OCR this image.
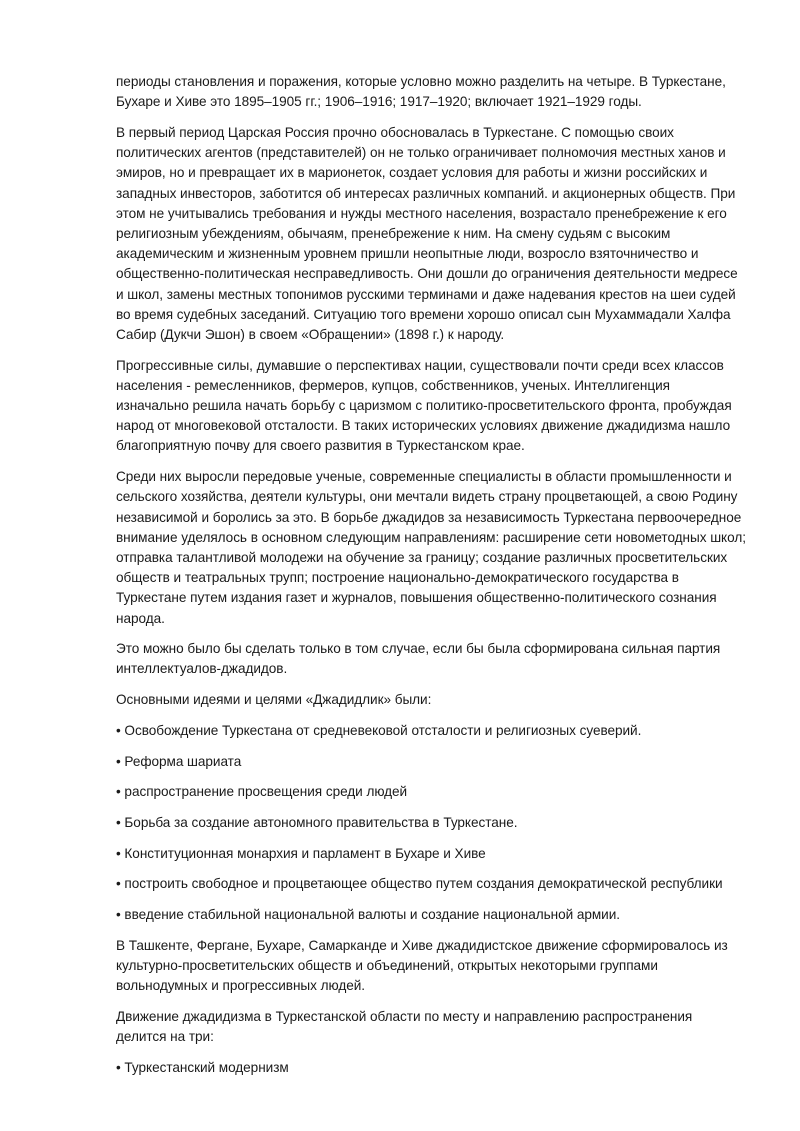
периоды становления и поражения, которые условно можно разделить на четыре. В Туркестане, Бухаре и Хиве это 1895–1905 гг.; 1906–1916; 1917–1920; включает 1921–1929 годы.

В первый период Царская Россия прочно обосновалась в Туркестане. С помощью своих политических агентов (представителей) он не только ограничивает полномочия местных ханов и эмиров, но и превращает их в марионеток, создает условия для работы и жизни российских и западных инвесторов, заботится об интересах различных компаний. и акционерных обществ. При этом не учитывались требования и нужды местного населения, возрастало пренебрежение к его религиозным убеждениям, обычаям, пренебрежение к ним. На смену судьям с высоким академическим и жизненным уровнем пришли неопытные люди, возросло взяточничество и общественно-политическая несправедливость. Они дошли до ограничения деятельности медресе и школ, замены местных топонимов русскими терминами и даже надевания крестов на шеи судей во время судебных заседаний. Ситуацию того времени хорошо описал сын Мухаммадали Халфа Сабир (Дукчи Эшон) в своем «Обращении» (1898 г.) к народу.

Прогрессивные силы, думавшие о перспективах нации, существовали почти среди всех классов населения - ремесленников, фермеров, купцов, собственников, ученых. Интеллигенция изначально решила начать борьбу с царизмом с политико-просветительского фронта, пробуждая народ от многовековой отсталости. В таких исторических условиях движение джадидизма нашло благоприятную почву для своего развития в Туркестанском крае.

Среди них выросли передовые ученые, современные специалисты в области промышленности и сельского хозяйства, деятели культуры, они мечтали видеть страну процветающей, а свою Родину независимой и боролись за это. В борьбе джадидов за независимость Туркестана первоочередное внимание уделялось в основном следующим направлениям: расширение сети новометодных школ; отправка талантливой молодежи на обучение за границу; создание различных просветительских обществ и театральных трупп; построение национально-демократического государства в Туркестане путем издания газет и журналов, повышения общественно-политического сознания народа.

Это можно было бы сделать только в том случае, если бы была сформирована сильная партия интеллектуалов-джадидов.

Основными идеями и целями «Джадидлик» были:

• Освобождение Туркестана от средневековой отсталости и религиозных суеверий.

• Реформа шариата

• распространение просвещения среди людей

• Борьба за создание автономного правительства в Туркестане.

• Конституционная монархия и парламент в Бухаре и Хиве

• построить свободное и процветающее общество путем создания демократической республики

• введение стабильной национальной валюты и создание национальной армии.

В Ташкенте, Фергане, Бухаре, Самарканде и Хиве джадидистское движение сформировалось из культурно-просветительских обществ и объединений, открытых некоторыми группами вольнодумных и прогрессивных людей.

Движение джадидизма в Туркестанской области по месту и направлению распространения делится на три:

• Туркестанский модернизм
